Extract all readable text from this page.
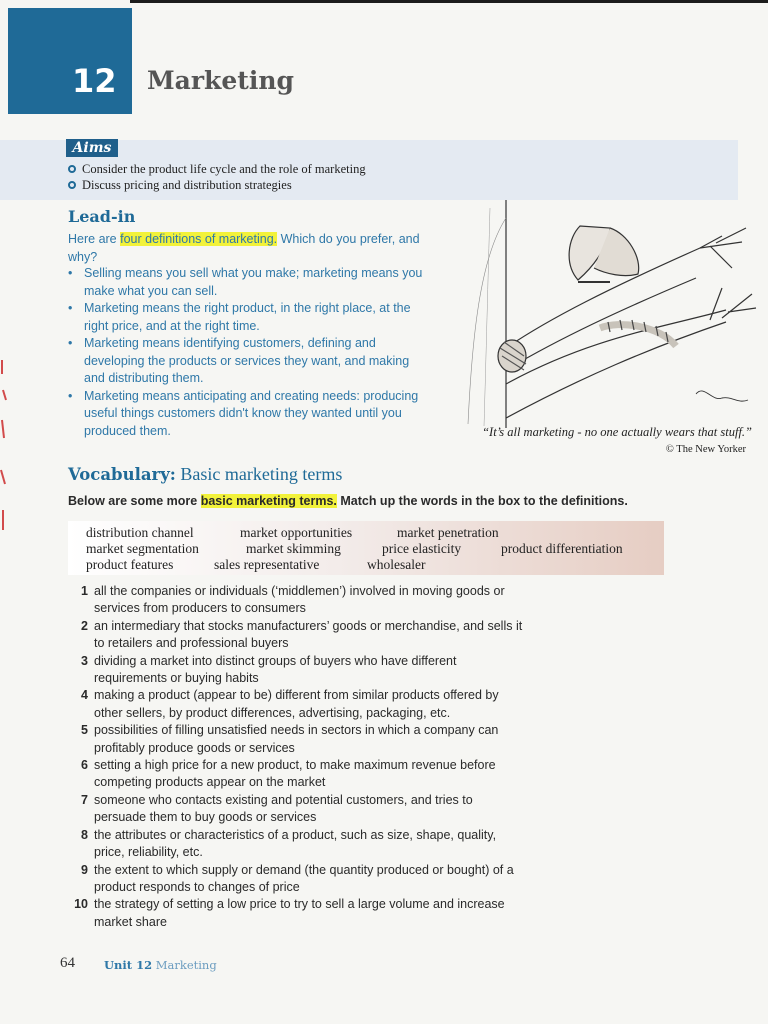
12 Marketing
Aims
Consider the product life cycle and the role of marketing
Discuss pricing and distribution strategies
Lead-in
Here are four definitions of marketing. Which do you prefer, and why?
• Selling means you sell what you make; marketing means you make what you can sell.
• Marketing means the right product, in the right place, at the right price, and at the right time.
• Marketing means identifying customers, defining and developing the products or services they want, and making and distributing them.
• Marketing means anticipating and creating needs: producing useful things customers didn't know they wanted until you produced them.	“It’s all marketing - no one actually wears that stuff.”
© The New Yorker
Vocabulary: Basic marketing terms
Below are some more basic marketing terms. Match up the words in the box to the definitions.
distribution channel	market opportunities	market penetration
market segmentation	market skimming	price elasticity	product differentiation
product features	sales representative	wholesaler
1 all the companies or individuals (‘middlemen’) involved in moving goods or services from producers to consumers
2 an intermediary that stocks manufacturers’ goods or merchandise, and sells it to retailers and professional buyers
3 dividing a market into distinct groups of buyers who have different requirements or buying habits
4 making a product (appear to be) different from similar products offered by other sellers, by product differences, advertising, packaging, etc.
5 possibilities of filling unsatisfied needs in sectors in which a company can profitably produce goods or services
6 setting a high price for a new product, to make maximum revenue before competing products appear on the market
7 someone who contacts existing and potential customers, and tries to persuade them to buy goods or services
8 the attributes or characteristics of a product, such as size, shape, quality, price, reliability, etc.
9 the extent to which supply or demand (the quantity produced or bought) of a product responds to changes of price
10 the strategy of setting a low price to try to sell a large volume and increase market share
64	Unit 12 Marketing
